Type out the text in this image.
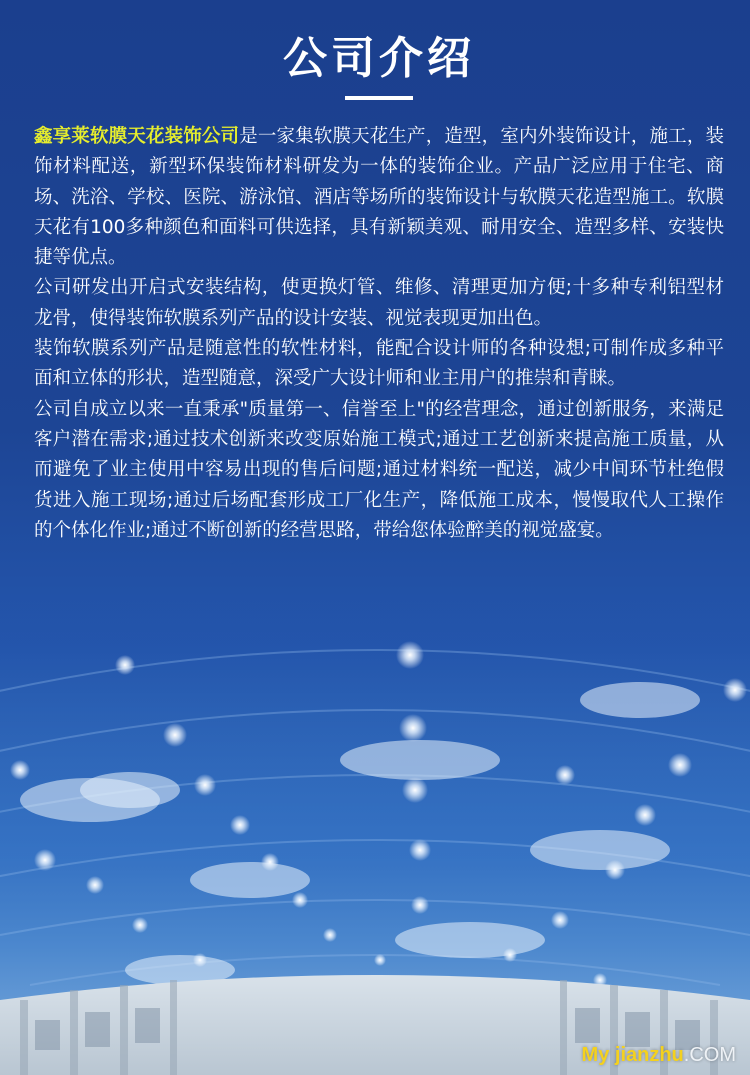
公司介绍

鑫享莱软膜天花装饰公司是一家集软膜天花生产，造型，室内外装饰设计，施工，装饰材料配送，新型环保装饰材料研发为一体的装饰企业。产品广泛应用于住宅、商场、洗浴、学校、医院、游泳馆、酒店等场所的装饰设计与软膜天花造型施工。软膜天花有100多种颜色和面料可供选择，具有新颖美观、耐用安全、造型多样、安装快捷等优点。

公司研发出开启式安装结构，使更换灯管、维修、清理更加方便;十多种专利铝型材龙骨，使得装饰软膜系列产品的设计安装、视觉表现更加出色。

装饰软膜系列产品是随意性的软性材料，能配合设计师的各种设想;可制作成多种平面和立体的形状，造型随意，深受广大设计师和业主用户的推崇和青睐。

公司自成立以来一直秉承"质量第一、信誉至上"的经营理念，通过创新服务，来满足客户潜在需求;通过技术创新来改变原始施工模式;通过工艺创新来提高施工质量，从而避免了业主使用中容易出现的售后问题;通过材料统一配送，减少中间环节杜绝假货进入施工现场;通过后场配套形成工厂化生产，降低施工成本，慢慢取代人工操作的个体化作业;通过不断创新的经营思路，带给您体验醉美的视觉盛宴。

My jianzhu.COM
